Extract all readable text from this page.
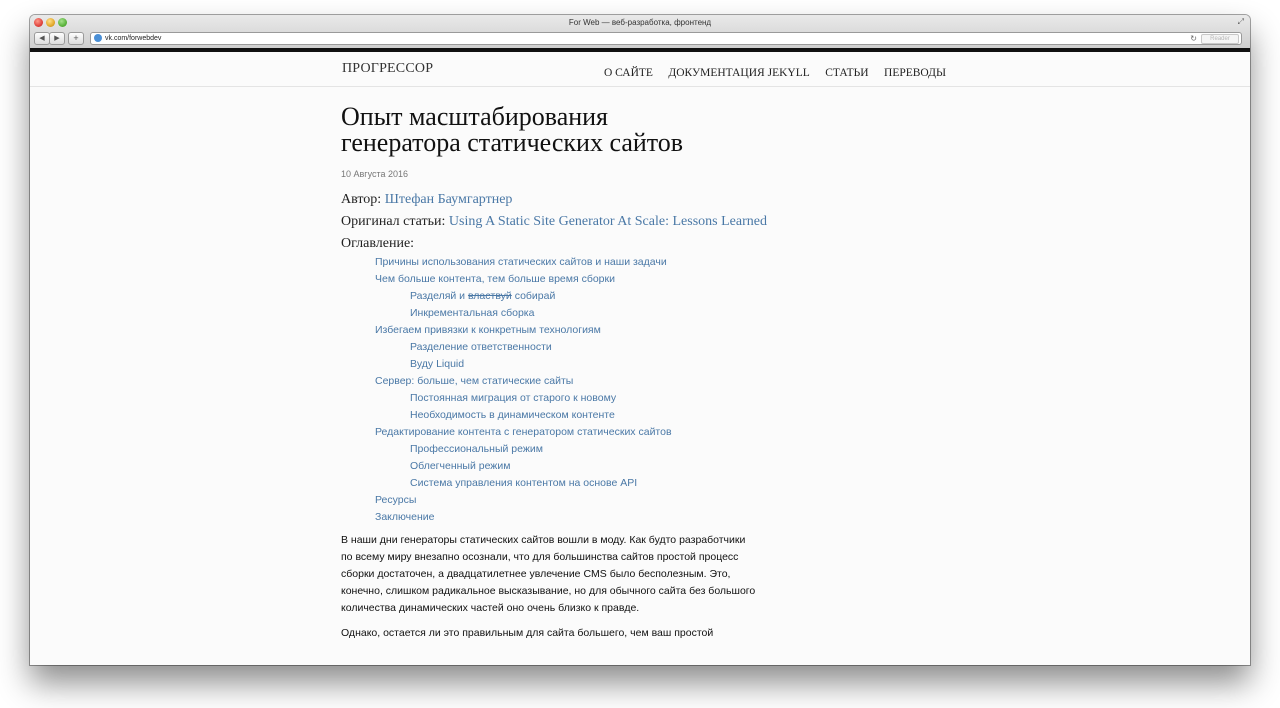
For Web — веб-разработка, фронтенд	⤢
◀	▶	+	vk.com/forwebdev	↻	Reader
ПРОГРЕССОР	О САЙТЕ ДОКУМЕНТАЦИЯ JEKYLL СТАТЬИ ПЕРЕВОДЫ
Опыт масштабирования
генератора статических сайтов
10 Августа 2016
Автор: Штефан Баумгартнер
Оригинал статьи: Using A Static Site Generator At Scale: Lessons Learned
Оглавление:
Причины использования статических сайтов и наши задачи
Чем больше контента, тем больше время сборки
Разделяй и властвуй собирай
Инкрементальная сборка
Избегаем привязки к конкретным технологиям
Разделение ответственности
Вуду Liquid
Сервер: больше, чем статические сайты
Постоянная миграция от старого к новому
Необходимость в динамическом контенте
Редактирование контента с генератором статических сайтов
Профессиональный режим
Облегченный режим
Система управления контентом на основе API
Ресурсы
Заключение

В наши дни генераторы статических сайтов вошли в моду. Как будто разработчики
по всему миру внезапно осознали, что для большинства сайтов простой процесс
сборки достаточен, а двадцатилетнее увлечение CMS было бесполезным. Это,
конечно, слишком радикальное высказывание, но для обычного сайта без большого
количества динамических частей оно очень близко к правде.

Однако, остается ли это правильным для сайта большего, чем ваш простой
